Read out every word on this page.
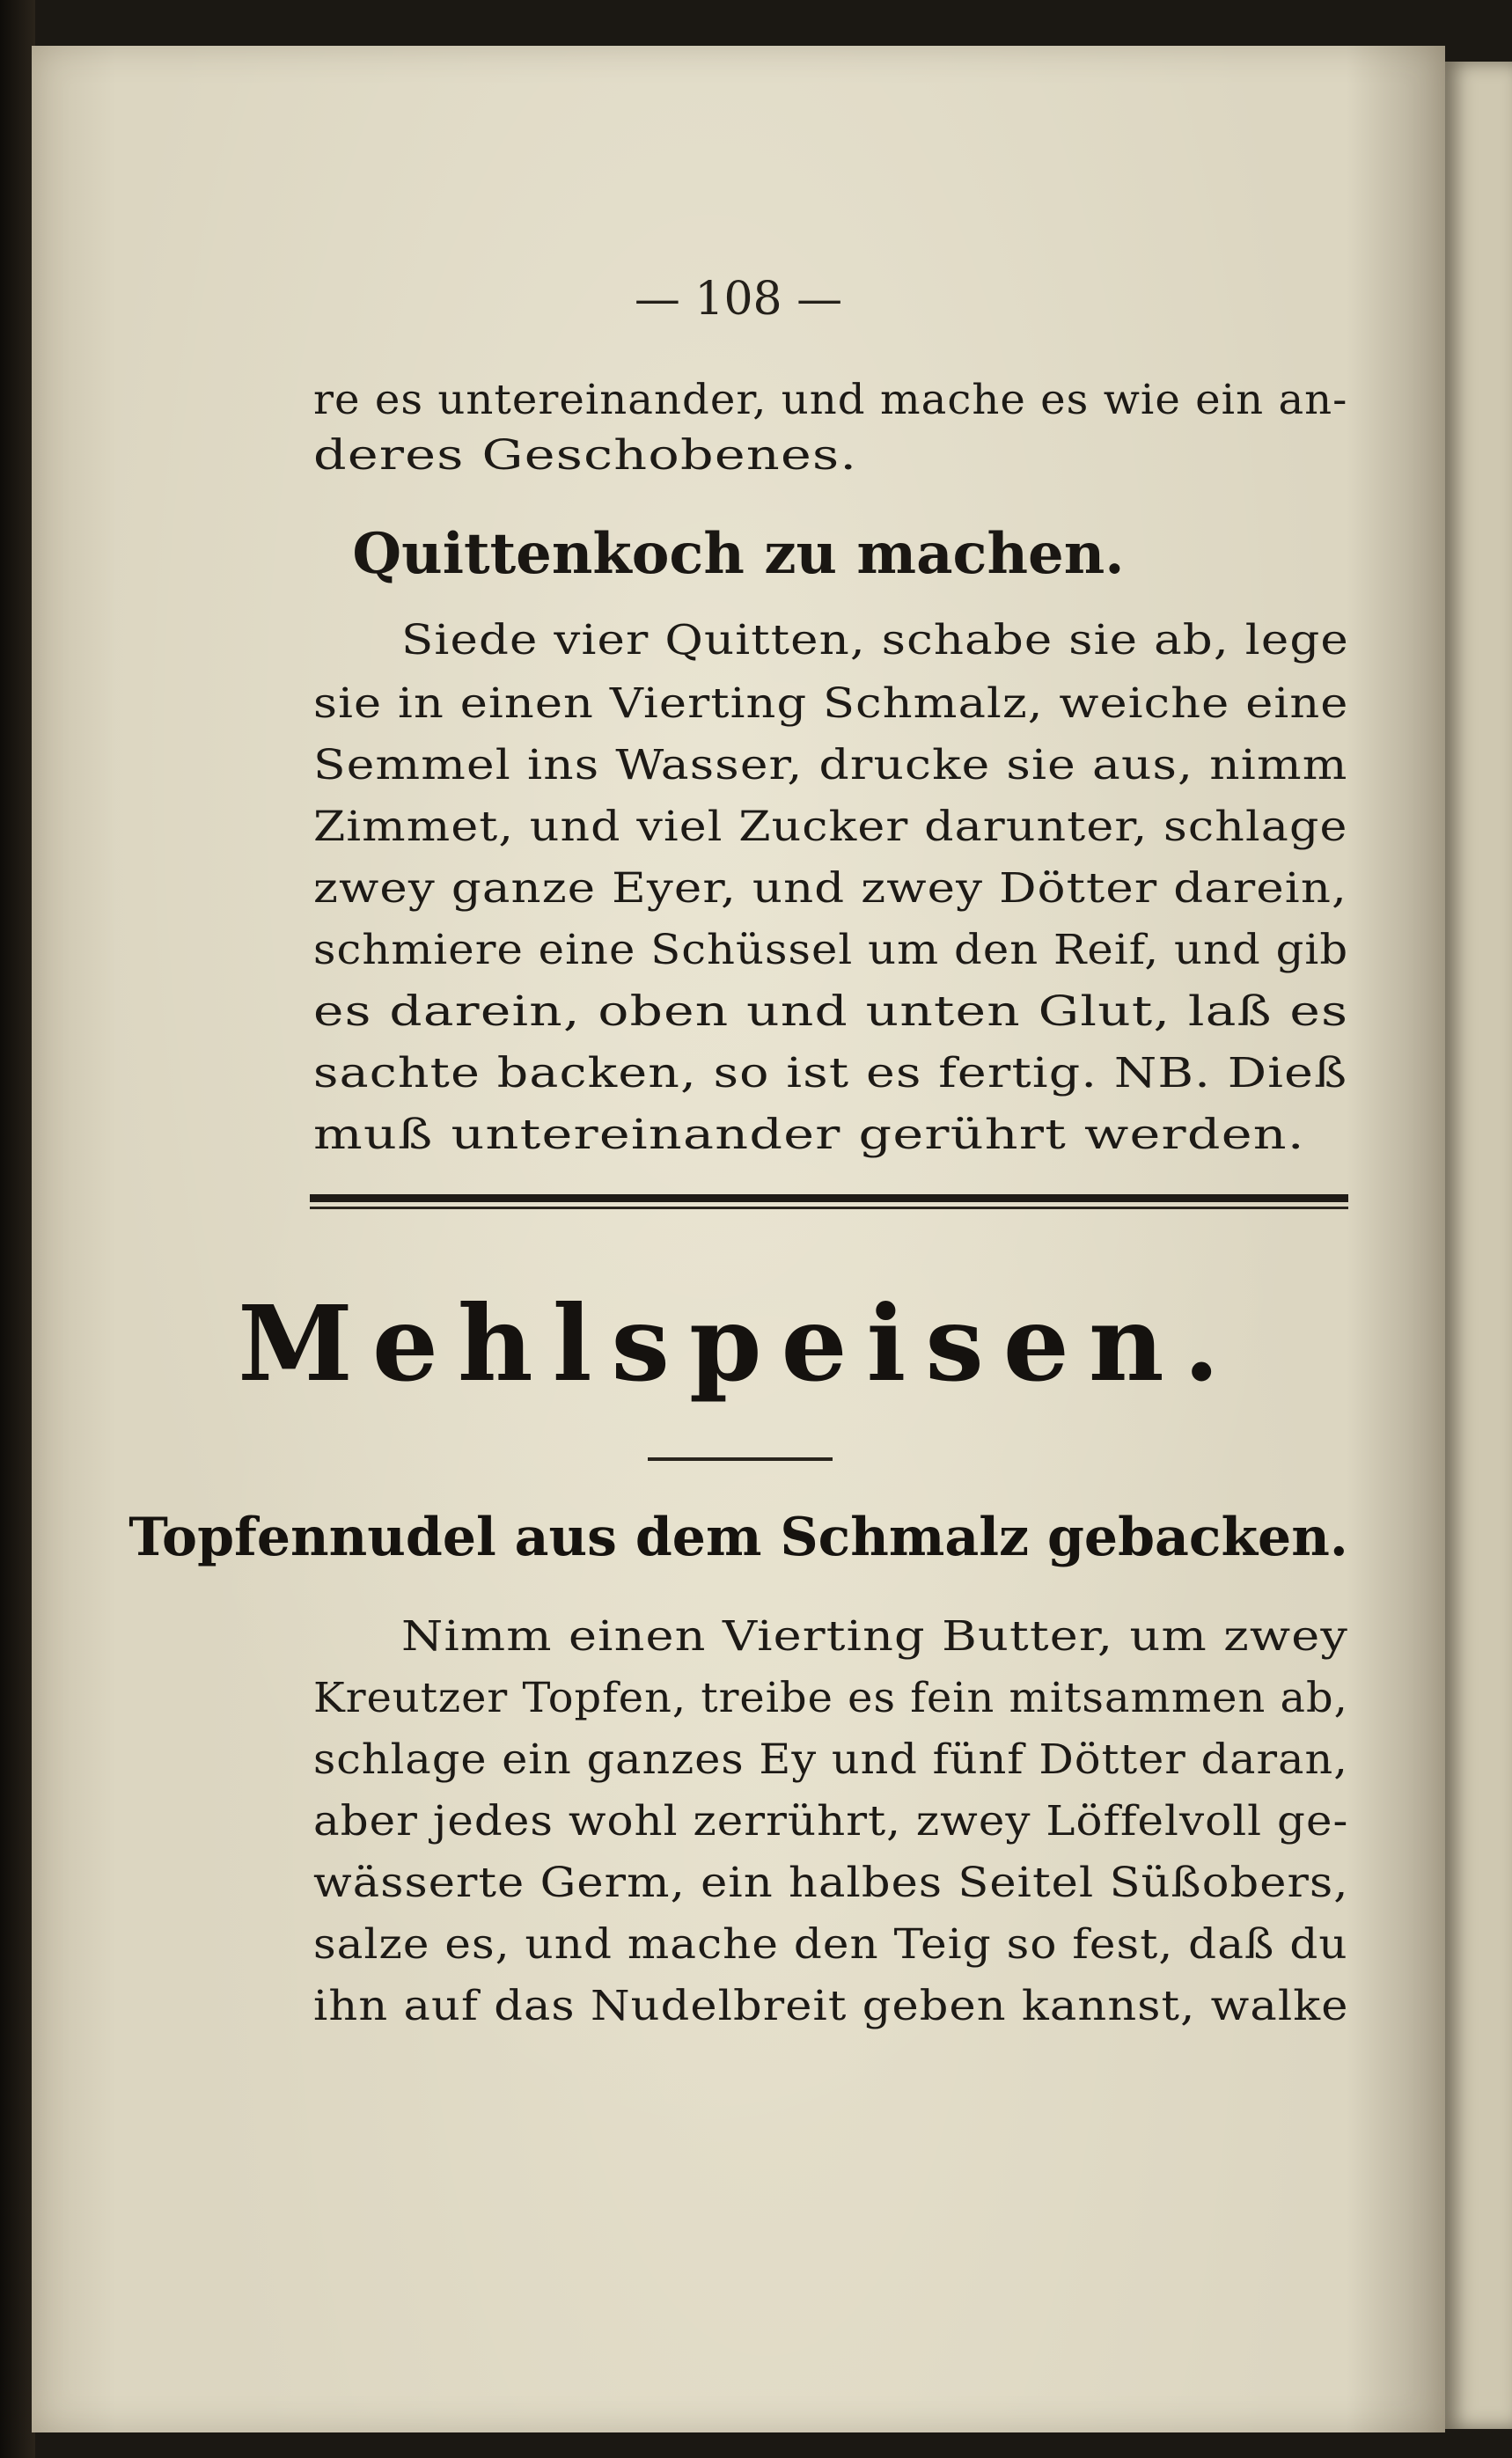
— 108 —
re es untereinander, und mache es wie ein an-
deres Geschobenes.
Quittenkoch zu machen.
Siede vier Quitten, schabe sie ab, lege
sie in einen Vierting Schmalz, weiche eine
Semmel ins Wasser, drucke sie aus, nimm
Zimmet, und viel Zucker darunter, schlage
zwey ganze Eyer, und zwey Dötter darein,
schmiere eine Schüssel um den Reif, und gib
es darein, oben und unten Glut, laß es
sachte backen, so ist es fertig. NB. Dieß
muß untereinander gerührt werden.
Mehlspeisen.
Topfennudel aus dem Schmalz gebacken.
Nimm einen Vierting Butter, um zwey
Kreutzer Topfen, treibe es fein mitsammen ab,
schlage ein ganzes Ey und fünf Dötter daran,
aber jedes wohl zerrührt, zwey Löffelvoll ge-
wässerte Germ, ein halbes Seitel Süßobers,
salze es, und mache den Teig so fest, daß du
ihn auf das Nudelbreit geben kannst, walke
